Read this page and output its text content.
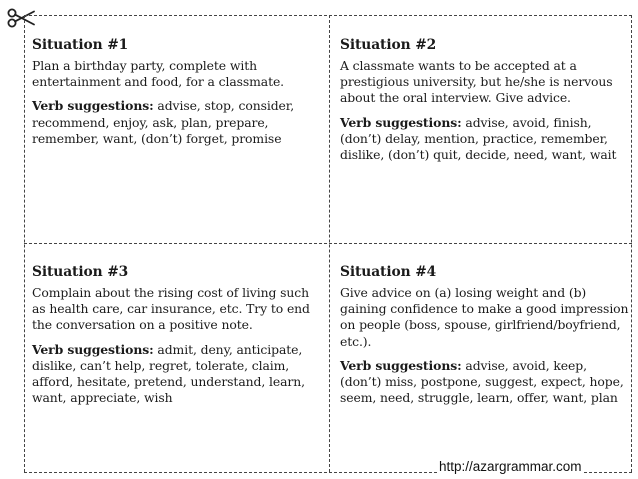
Situation #1

Plan a birthday party, complete with entertainment and food, for a classmate.

Verb suggestions: advise, stop, consider, recommend, enjoy, ask, plan, prepare, remember, want, (don’t) forget, promise

Situation #2

A classmate wants to be accepted at a prestigious university, but he/she is nervous about the oral interview. Give advice.

Verb suggestions: advise, avoid, finish, (don’t) delay, mention, practice, remember, dislike, (don’t) quit, decide, need, want, wait

Situation #3

Complain about the rising cost of living such as health care, car insurance, etc. Try to end the conversation on a positive note.

Verb suggestions: admit, deny, anticipate, dislike, can’t help, regret, tolerate, claim, afford, hesitate, pretend, understand, learn, want, appreciate, wish

Situation #4

Give advice on (a) losing weight and (b) gaining confidence to make a good impression on people (boss, spouse, girlfriend/boyfriend, etc.).

Verb suggestions: advise, avoid, keep, (don’t) miss, postpone, suggest, expect, hope, seem, need, struggle, learn, offer, want, plan

http://azargrammar.com
